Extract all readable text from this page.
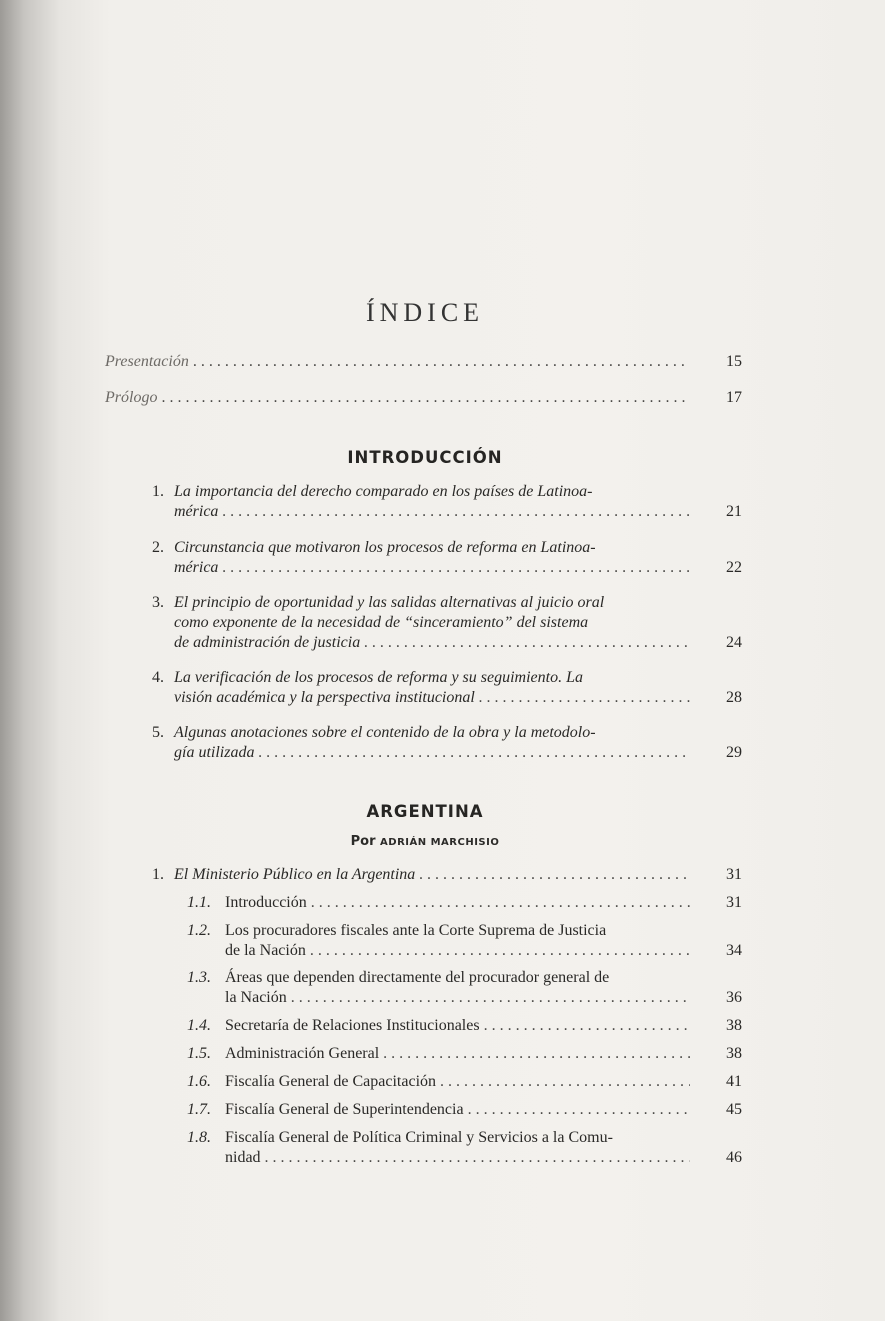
ÍNDICE
Presentación . . .	15
Prólogo . . .	17
INTRODUCCIÓN
1. La importancia del derecho comparado en los países de Latinoa-
mérica . . .	21
2. Circunstancia que motivaron los procesos de reforma en Latinoa-
mérica . . .	22
3. El principio de oportunidad y las salidas alternativas al juicio oral
como exponente de la necesidad de “sinceramiento” del sistema
de administración de justicia . . .	24
4. La verificación de los procesos de reforma y su seguimiento. La
visión académica y la perspectiva institucional . . .	28
5. Algunas anotaciones sobre el contenido de la obra y la metodolo-
gía utilizada . . .	29
ARGENTINA
Por ADRIÁN MARCHISIO
1. El Ministerio Público en la Argentina . . .	31
1.1. Introducción . . .	31
1.2. Los procuradores fiscales ante la Corte Suprema de Justicia
de la Nación . . .	34
1.3. Áreas que dependen directamente del procurador general de
la Nación . . .	36
1.4. Secretaría de Relaciones Institucionales . . .	38
1.5. Administración General . . .	38
1.6. Fiscalía General de Capacitación . . .	41
1.7. Fiscalía General de Superintendencia . . .	45
1.8. Fiscalía General de Política Criminal y Servicios a la Comu-
nidad . . .	46
